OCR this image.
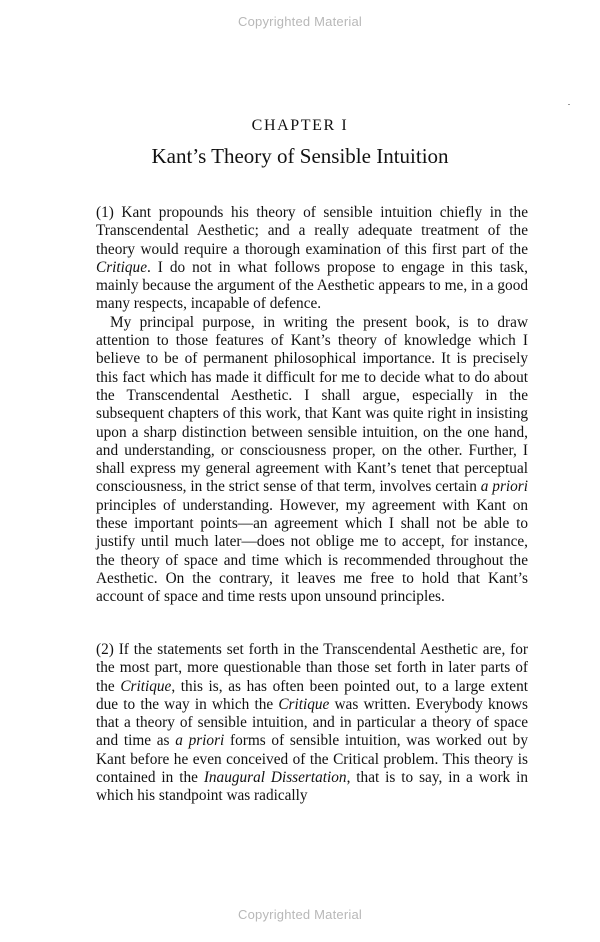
Copyrighted Material
CHAPTER I
Kant’s Theory of Sensible Intuition

(1) Kant propounds his theory of sensible intuition chiefly in the Transcendental Aesthetic; and a really adequate treatment of the theory would require a thorough examination of this first part of the Critique. I do not in what follows propose to engage in this task, mainly because the argument of the Aesthetic appears to me, in a good many respects, incapable of defence.

My principal purpose, in writing the present book, is to draw attention to those features of Kant’s theory of knowledge which I believe to be of permanent philosophical importance. It is precisely this fact which has made it difficult for me to decide what to do about the Transcendental Aesthetic. I shall argue, especially in the subsequent chapters of this work, that Kant was quite right in insisting upon a sharp distinction between sensible intuition, on the one hand, and understanding, or consciousness proper, on the other. Further, I shall express my general agreement with Kant’s tenet that perceptual consciousness, in the strict sense of that term, involves certain a priori principles of understanding. However, my agreement with Kant on these important points—an agreement which I shall not be able to justify until much later—does not oblige me to accept, for instance, the theory of space and time which is recommended throughout the Aesthetic. On the contrary, it leaves me free to hold that Kant’s account of space and time rests upon unsound principles.

(2) If the statements set forth in the Transcendental Aesthetic are, for the most part, more questionable than those set forth in later parts of the Critique, this is, as has often been pointed out, to a large extent due to the way in which the Critique was written. Everybody knows that a theory of sensible intuition, and in particular a theory of space and time as a priori forms of sensible intuition, was worked out by Kant before he even conceived of the Critical problem. This theory is contained in the Inaugural Dissertation, that is to say, in a work in which his standpoint was radically

Copyrighted Material
